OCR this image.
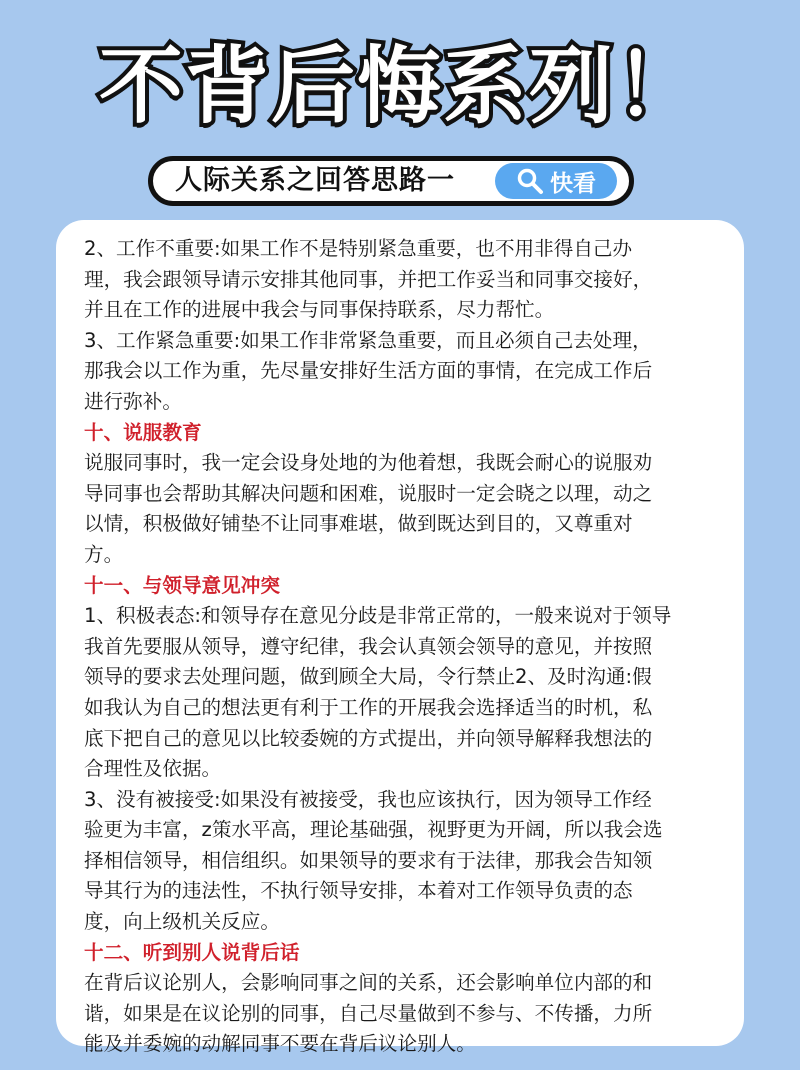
不背后悔系列！
人际关系之回答思路一	快看
2、工作不重要:如果工作不是特别紧急重要，也不用非得自己办
理，我会跟领导请示安排其他同事，并把工作妥当和同事交接好，
并且在工作的进展中我会与同事保持联系，尽力帮忙。
3、工作紧急重要:如果工作非常紧急重要，而且必须自己去处理，
那我会以工作为重，先尽量安排好生活方面的事情，在完成工作后
进行弥补。
十、说服教育
说服同事时，我一定会设身处地的为他着想，我既会耐心的说服劝
导同事也会帮助其解决问题和困难，说服时一定会晓之以理，动之
以情，积极做好铺垫不让同事难堪，做到既达到目的，又尊重对
方。
十一、与领导意见冲突
1、积极表态:和领导存在意见分歧是非常正常的，一般来说对于领导
我首先要服从领导，遵守纪律，我会认真领会领导的意见，并按照
领导的要求去处理问题，做到顾全大局，令行禁止2、及时沟通:假
如我认为自己的想法更有利于工作的开展我会选择适当的时机，私
底下把自己的意见以比较委婉的方式提出，并向领导解释我想法的
合理性及依据。
3、没有被接受:如果没有被接受，我也应该执行，因为领导工作经
验更为丰富，z策水平高，理论基础强，视野更为开阔，所以我会选
择相信领导，相信组织。如果领导的要求有于法律，那我会告知领
导其行为的违法性，不执行领导安排，本着对工作领导负责的态
度，向上级机关反应。
十二、听到别人说背后话
在背后议论别人，会影响同事之间的关系，还会影响单位内部的和
谐，如果是在议论别的同事，自己尽量做到不参与、不传播，力所
能及并委婉的动解同事不要在背后议论别人。
